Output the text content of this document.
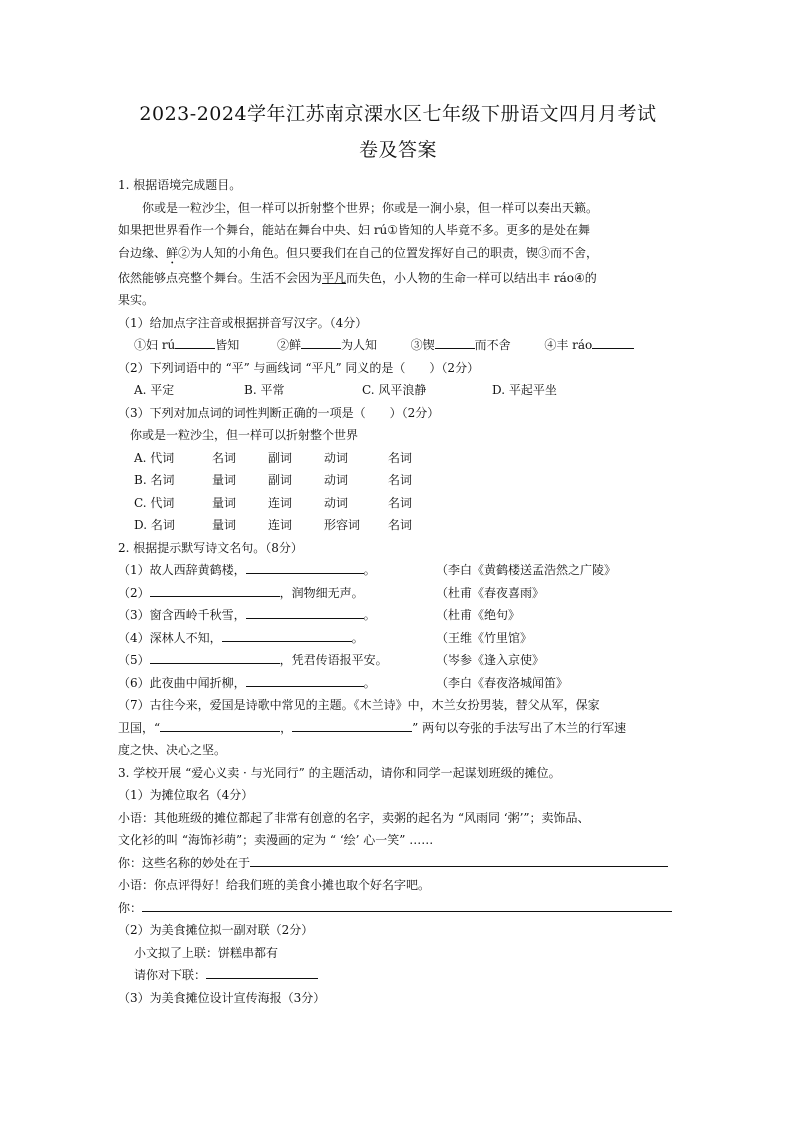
2023-2024学年江苏南京溧水区七年级下册语文四月月考试

卷及答案

1. 根据语境完成题目。

你或是一粒沙尘，但一样可以折射整个世界；你或是一涧小泉，但一样可以奏出天籁。

如果把世界看作一个舞台，能站在舞台中央、妇 rú①皆知的人毕竟不多。更多的是处在舞

台边缘、鲜②为人知的小角色。但只要我们在自己的位置发挥好自己的职责，锲③而不舍，

依然能够点亮整个舞台。生活不会因为平凡而失色，小人物的生命一样可以结出丰 ráo④的

果实。

（1）给加点字注音或根据拼音写汉字。（4分）

①妇 rú	皆知	②鲜	为人知	③锲	而不舍	④丰 ráo

（2）下列词语中的 “平” 与画线词 “平凡” 同义的是（　　）（2分）

A. 平定	B. 平常	C. 风平浪静	D. 平起平坐

（3）下列对加点词的词性判断正确的一项是（　　）（2分）

你或是一粒沙尘，但一样可以折射整个世界

A. 代词	名词	副词	动词	名词

B. 名词	量词	副词	动词	名词

C. 代词	量词	连词	动词	名词

D. 名词	量词	连词	形容词 名词

2. 根据提示默写诗文名句。（8分）

（1）故人西辞黄鹤楼，	。	（李白《黄鹤楼送孟浩然之广陵》
（2）	，润物细无声。	（杜甫《春夜喜雨》
（3）窗含西岭千秋雪，	。	（杜甫《绝句》
（4）深林人不知，	。	（王维《竹里馆》
（5）	，凭君传语报平安。	（岑参《逢入京使》
（6）此夜曲中闻折柳，	。	（李白《春夜洛城闻笛》

（7）古往今来，爱国是诗歌中常见的主题。《木兰诗》中，木兰女扮男装，替父从军，保家

卫国，“	，	” 两句以夸张的手法写出了木兰的行军速

度之快、决心之坚。

3. 学校开展 “爱心义卖 · 与光同行” 的主题活动，请你和同学一起谋划班级的摊位。

（1）为摊位取名（4分）

小语：其他班级的摊位都起了非常有创意的名字，卖粥的起名为 “风雨同 ‘粥’”；卖饰品、

文化衫的叫 “海饰衫萌”；卖漫画的定为 “ ‘绘’ 心一笑” ……

你：这些名称的妙处在于

小语：你点评得好！给我们班的美食小摊也取个好名字吧。

你：

（2）为美食摊位拟一副对联（2分）

小文拟了上联：饼糕串都有

请你对下联：

（3）为美食摊位设计宣传海报（3分）
